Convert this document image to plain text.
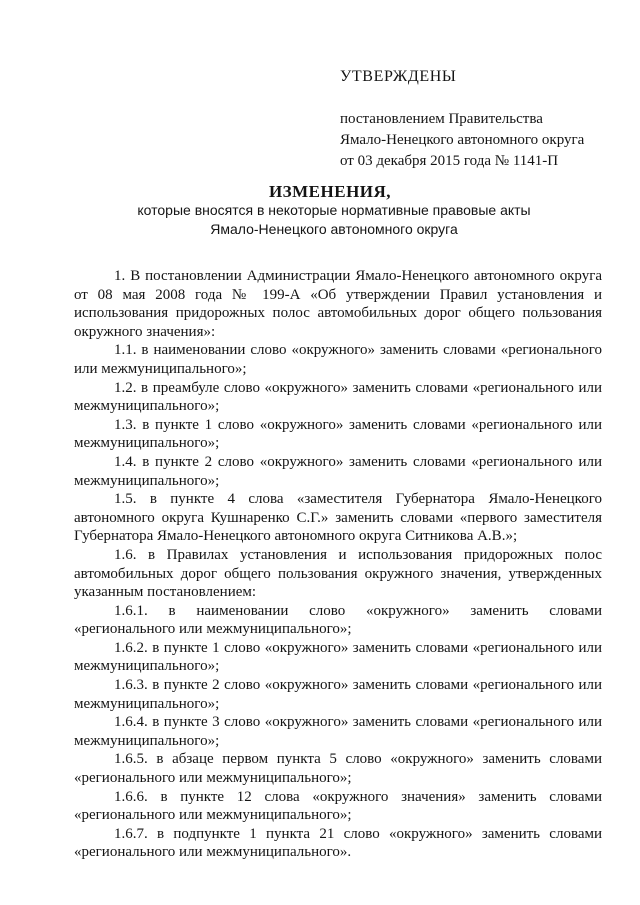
УТВЕРЖДЕНЫ
постановлением Правительства
Ямало-Ненецкого автономного округа
от 03 декабря 2015 года № 1141-П
ИЗМЕНЕНИЯ,
которые вносятся в некоторые нормативные правовые акты
Ямало-Ненецкого автономного округа

1. В постановлении Администрации Ямало-Ненецкого автономного округа от 08 мая 2008 года № 199-А «Об утверждении Правил установления и использования придорожных полос автомобильных дорог общего пользования окружного значения»:

1.1. в наименовании слово «окружного» заменить словами «регионального или межмуниципального»;

1.2. в преамбуле слово «окружного» заменить словами «регионального или межмуниципального»;

1.3. в пункте 1 слово «окружного» заменить словами «регионального или межмуниципального»;

1.4. в пункте 2 слово «окружного» заменить словами «регионального или межмуниципального»;

1.5. в пункте 4 слова «заместителя Губернатора Ямало-Ненецкого автономного округа Кушнаренко С.Г.» заменить словами «первого заместителя Губернатора Ямало-Ненецкого автономного округа Ситникова А.В.»;

1.6. в Правилах установления и использования придорожных полос автомобильных дорог общего пользования окружного значения, утвержденных указанным постановлением:

1.6.1. в наименовании слово «окружного» заменить словами «регионального или межмуниципального»;

1.6.2. в пункте 1 слово «окружного» заменить словами «регионального или межмуниципального»;

1.6.3. в пункте 2 слово «окружного» заменить словами «регионального или межмуниципального»;

1.6.4. в пункте 3 слово «окружного» заменить словами «регионального или межмуниципального»;

1.6.5. в абзаце первом пункта 5 слово «окружного» заменить словами «регионального или межмуниципального»;

1.6.6. в пункте 12 слова «окружного значения» заменить словами «регионального или межмуниципального»;

1.6.7. в подпункте 1 пункта 21 слово «окружного» заменить словами «регионального или межмуниципального».
